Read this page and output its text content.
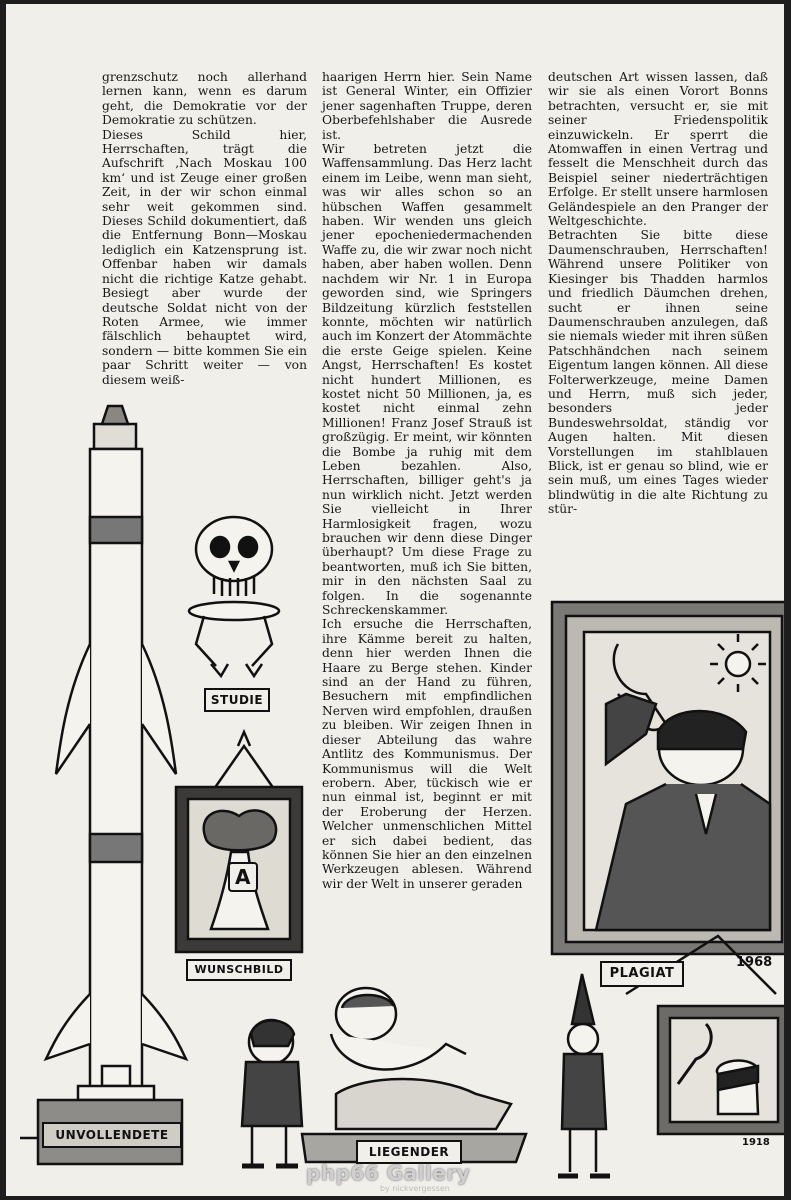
grenzschutz noch allerhand lernen kann, wenn es darum geht, die Demokratie vor der Demokratie zu schützen.

Dieses Schild hier, Herrschaften, trägt die Aufschrift ‚Nach Moskau 100 km‘ und ist Zeuge einer großen Zeit, in der wir schon einmal sehr weit gekommen sind. Dieses Schild dokumentiert, daß die Entfernung Bonn—Moskau lediglich ein Katzensprung ist. Offenbar haben wir damals nicht die richtige Katze gehabt. Besiegt aber wurde der deutsche Soldat nicht von der Roten Armee, wie immer fälschlich behauptet wird, sondern — bitte kommen Sie ein paar Schritt weiter — von diesem weiß-

haarigen Herrn hier. Sein Name ist General Winter, ein Offizier jener sagenhaften Truppe, deren Oberbefehlshaber die Ausrede ist.

Wir betreten jetzt die Waffensammlung. Das Herz lacht einem im Leibe, wenn man sieht, was wir alles schon so an hübschen Waffen gesammelt haben. Wir wenden uns gleich jener epocheniedermachenden Waffe zu, die wir zwar noch nicht haben, aber haben wollen. Denn nachdem wir Nr. 1 in Europa geworden sind, wie Springers Bildzeitung kürzlich feststellen konnte, möchten wir natürlich auch im Konzert der Atommächte die erste Geige spielen. Keine Angst, Herrschaften! Es kostet nicht hundert Millionen, es kostet nicht 50 Millionen, ja, es kostet nicht einmal zehn Millionen! Franz Josef Strauß ist großzügig. Er meint, wir könnten die Bombe ja ruhig mit dem Leben bezahlen. Also, Herrschaften, billiger geht's ja nun wirklich nicht. Jetzt werden Sie vielleicht in Ihrer Harmlosigkeit fragen, wozu brauchen wir denn diese Dinger überhaupt? Um diese Frage zu beantworten, muß ich Sie bitten, mir in den nächsten Saal zu folgen. In die sogenannte Schreckenskammer.

Ich ersuche die Herrschaften, ihre Kämme bereit zu halten, denn hier werden Ihnen die Haare zu Berge stehen. Kinder sind an der Hand zu führen, Besuchern mit empfindlichen Nerven wird empfohlen, draußen zu bleiben. Wir zeigen Ihnen in dieser Abteilung das wahre Antlitz des Kommunismus. Der Kommunismus will die Welt erobern. Aber, tückisch wie er nun einmal ist, beginnt er mit der Eroberung der Herzen. Welcher unmenschlichen Mittel er sich dabei bedient, das können Sie hier an den einzelnen Werkzeugen ablesen. Während wir der Welt in unserer geraden

deutschen Art wissen lassen, daß wir sie als einen Vorort Bonns betrachten, versucht er, sie mit seiner Friedenspolitik einzuwickeln. Er sperrt die Atomwaffen in einen Vertrag und fesselt die Menschheit durch das Beispiel seiner niederträchtigen Erfolge. Er stellt unsere harmlosen Geländespiele an den Pranger der Weltgeschichte.

Betrachten Sie bitte diese Daumenschrauben, Herrschaften! Während unsere Politiker von Kiesinger bis Thadden harmlos und friedlich Däumchen drehen, sucht er ihnen seine Daumenschrauben anzulegen, daß sie niemals wieder mit ihren süßen Patschhändchen nach seinem Eigentum langen können. All diese Folterwerkzeuge, meine Damen und Herrn, muß sich jeder, besonders jeder Bundeswehrsoldat, ständig vor Augen halten. Mit diesen Vorstellungen im stahlblauen Blick, ist er genau so blind, wie er sein muß, um eines Tages wieder blindwütig in die alte Richtung zu stür-

STUDIE
WUNSCHBILD
A
UNVOLLENDETE
PLAGIAT
LIEGENDER
1968
1918
php66 Gallery
by nickvergessen
